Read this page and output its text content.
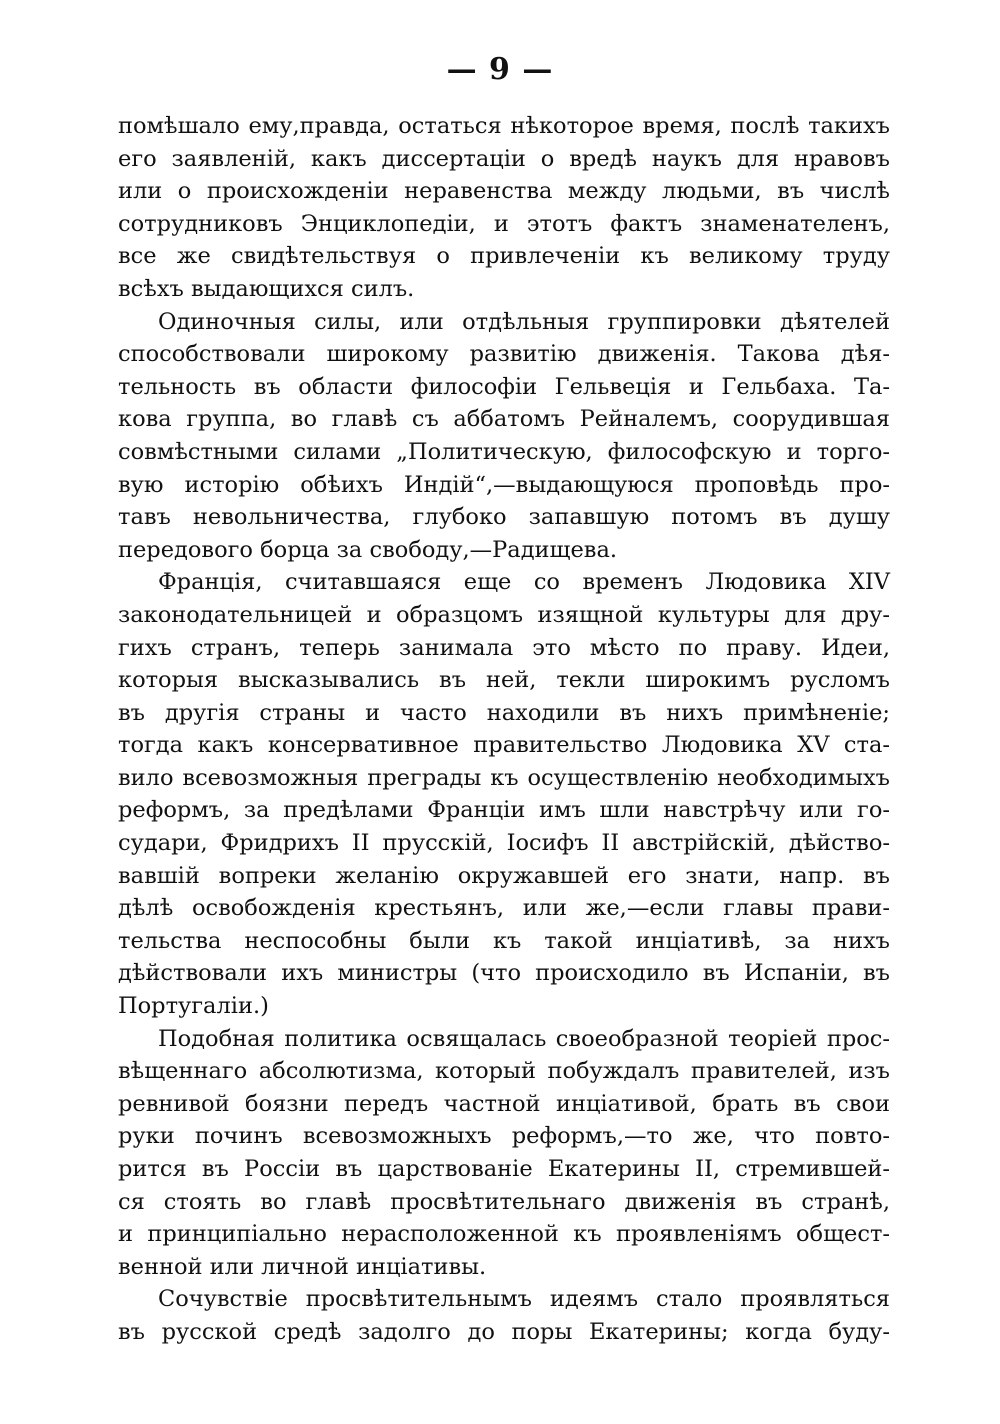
— 9 —
помѣшало ему,правда, остаться нѣкоторое время, послѣ такихъ
его заявленій, какъ диссертаціи о вредѣ наукъ для нравовъ
или о происхожденіи неравенства между людьми, въ числѣ
сотрудниковъ Энциклопедіи, и этотъ фактъ знаменателенъ,
все же свидѣтельствуя о привлеченіи къ великому труду
всѣхъ выдающихся силъ.
Одиночныя силы, или отдѣльныя группировки дѣятелей
способствовали широкому развитію движенія. Такова дѣя-
тельность въ области философіи Гельвеція и Гельбаха. Та-
кова группа, во главѣ съ аббатомъ Рейналемъ, соорудившая
совмѣстными силами „Политическую, философскую и торго-
вую исторію обѣихъ Индій“,—выдающуюся проповѣдь про-
тавъ невольничества, глубоко запавшую потомъ въ душу
передового борца за свободу,—Радищева.
Франція, считавшаяся еще со временъ Людовика XIV
законодательницей и образцомъ изящной культуры для дру-
гихъ странъ, теперь занимала это мѣсто по праву. Идеи,
которыя высказывались въ ней, текли широкимъ русломъ
въ другія страны и часто находили въ нихъ примѣненіе;
тогда какъ консервативное правительство Людовика XV ста-
вило всевозможныя преграды къ осуществленію необходимыхъ
реформъ, за предѣлами Франціи имъ шли навстрѣчу или го-
судари, Фридрихъ II прусскій, Іосифъ II австрійскій, дѣйство-
вавшій вопреки желанію окружавшей его знати, напр. въ
дѣлѣ освобожденія крестьянъ, или же,—если главы прави-
тельства неспособны были къ такой инціативѣ, за нихъ
дѣйствовали ихъ министры (что происходило въ Испаніи, въ
Португаліи.)
Подобная политика освящалась своеобразной теоріей прос-
вѣщеннаго абсолютизма, который побуждалъ правителей, изъ
ревнивой боязни передъ частной инціативой, брать въ свои
руки починъ всевозможныхъ реформъ,—то же, что повто-
рится въ Россіи въ царствованіе Екатерины II, стремившей-
ся стоять во главѣ просвѣтительнаго движенія въ странѣ,
и принципіально нерасположенной къ проявленіямъ общест-
венной или личной инціативы.
Сочувствіе просвѣтительнымъ идеямъ стало проявляться
въ русской средѣ задолго до поры Екатерины; когда буду-
